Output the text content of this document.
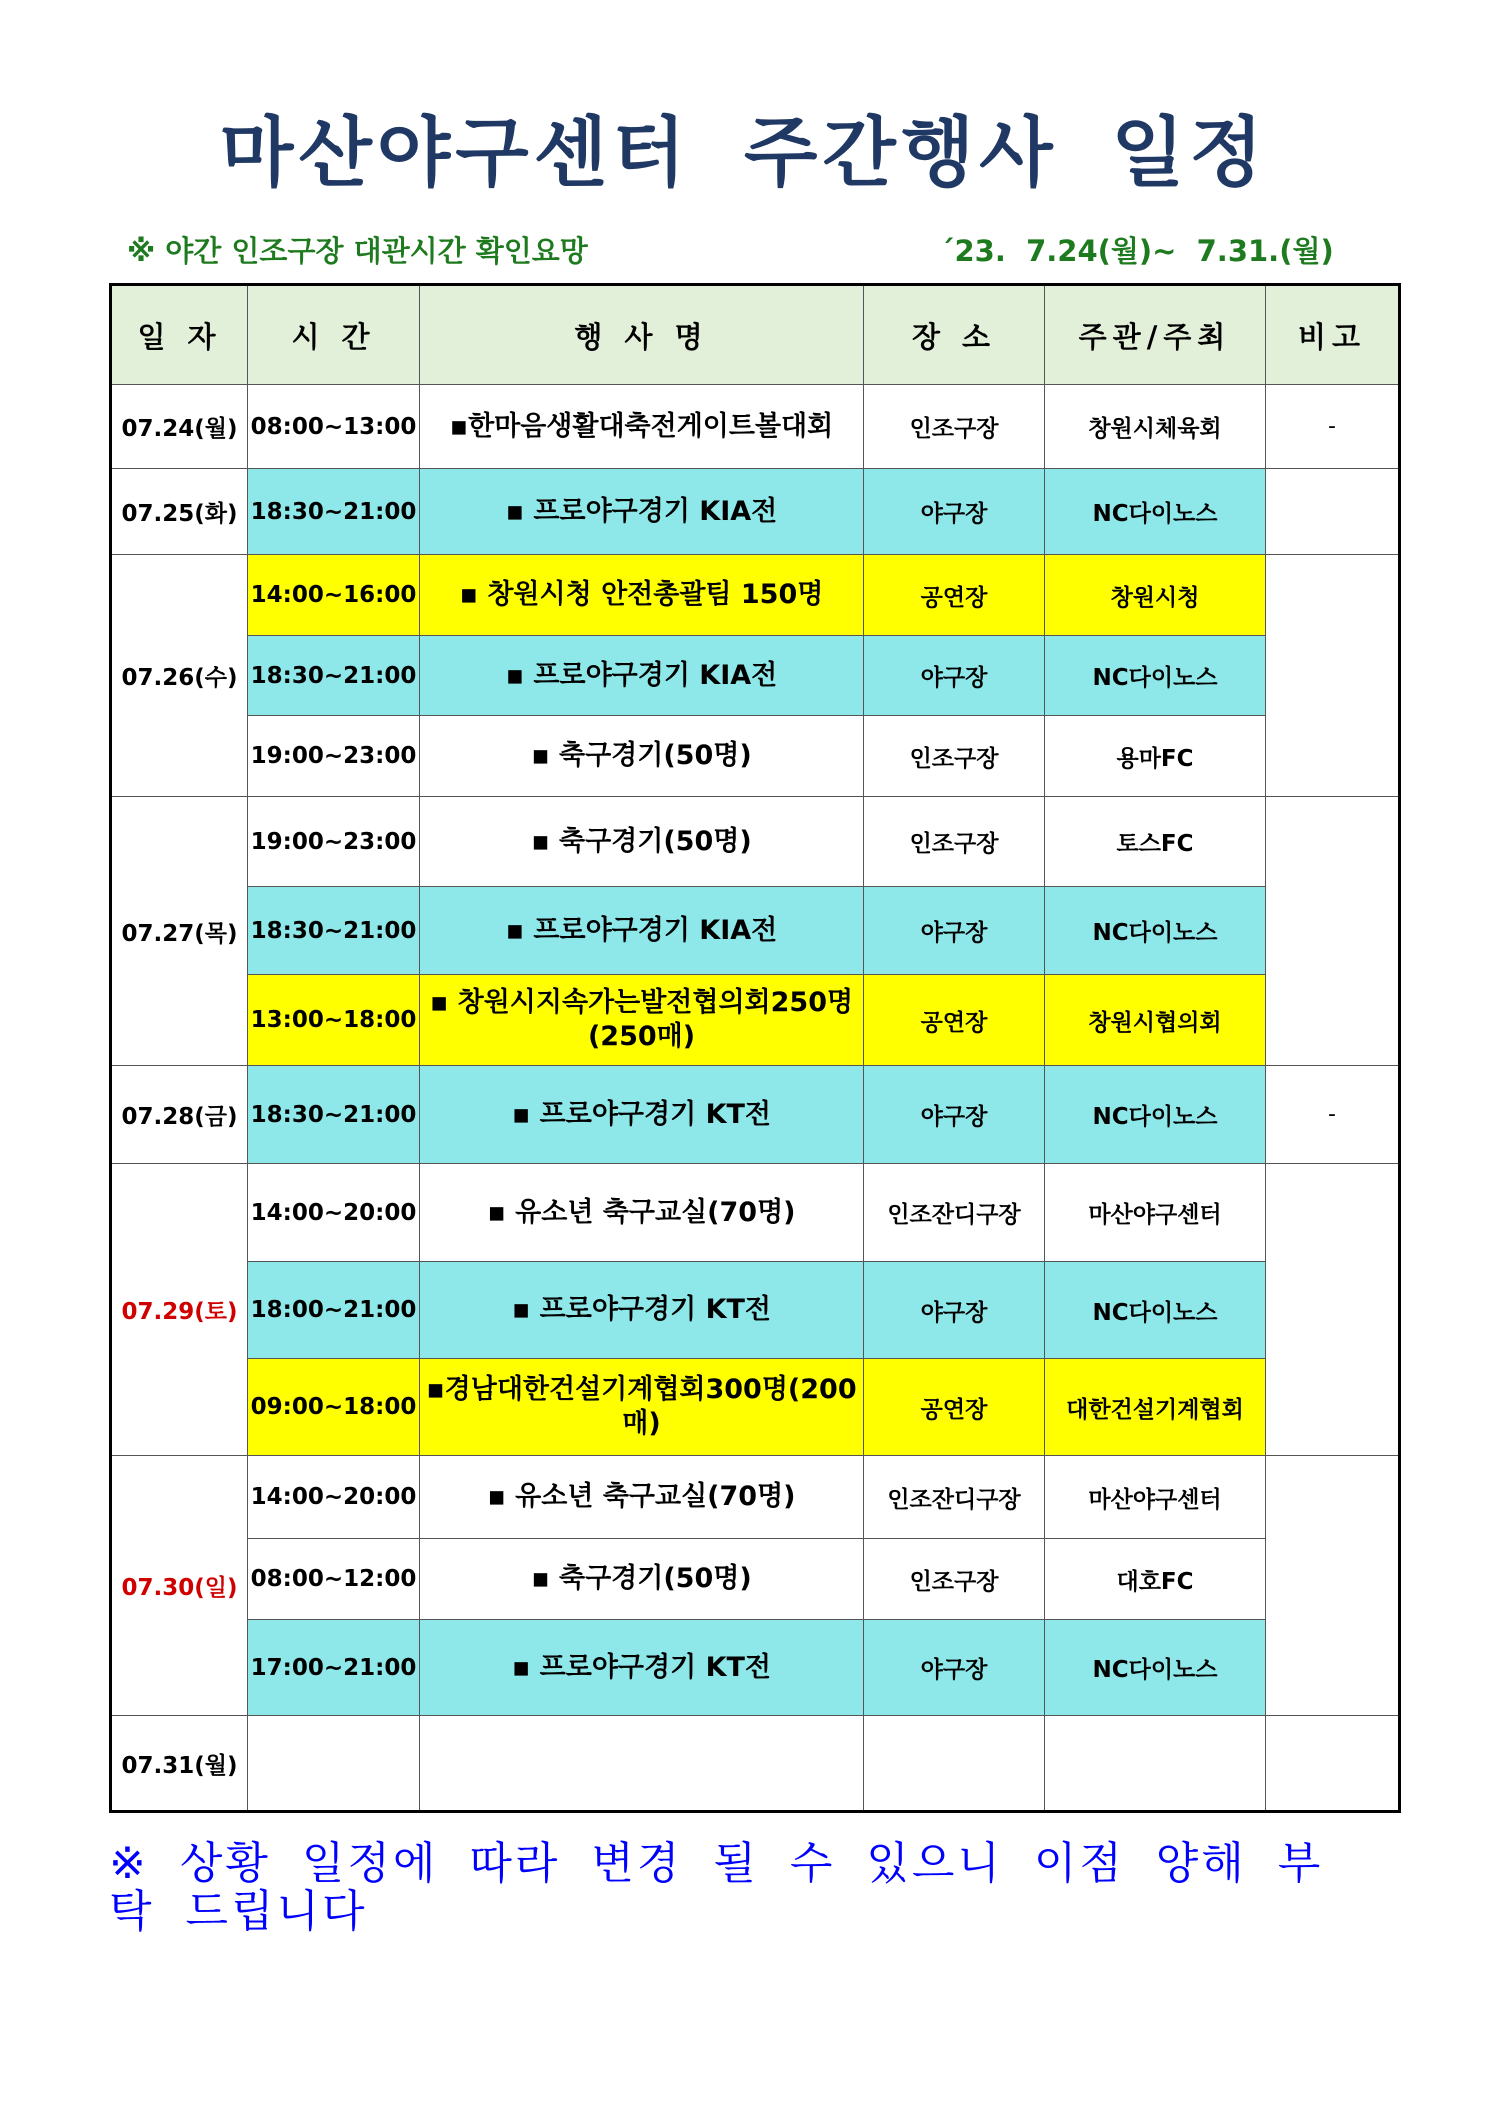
마산야구센터 주간행사 일정
※ 야간 인조구장 대관시간 확인요망	´23.  7.24(월)~  7.31.(월)
일 자	시 간	행 사 명	장 소	주관/주최	비고
07.24(월)	08:00~13:00	▪한마음생활대축전게이트볼대회	인조구장	창원시체육회	-
07.25(화)	18:30~21:00	▪ 프로야구경기 KIA전	야구장	NC다이노스	
07.26(수)	14:00~16:00	▪ 창원시청 안전총괄팀 150명	공연장	창원시청	
	18:30~21:00	▪ 프로야구경기 KIA전	야구장	NC다이노스	
	19:00~23:00	▪ 축구경기(50명)	인조구장	용마FC	
07.27(목)	19:00~23:00	▪ 축구경기(50명)	인조구장	토스FC	
	18:30~21:00	▪ 프로야구경기 KIA전	야구장	NC다이노스	
	13:00~18:00	▪ 창원시지속가는발전협의회250명 (250매)	공연장	창원시협의회	
07.28(금)	18:30~21:00	▪ 프로야구경기 KT전	야구장	NC다이노스	-
07.29(토)	14:00~20:00	▪ 유소년 축구교실(70명)	인조잔디구장	마산야구센터	
	18:00~21:00	▪ 프로야구경기 KT전	야구장	NC다이노스	
	09:00~18:00	▪경남대한건설기계협회300명(200매)	공연장	대한건설기계협회	
07.30(일)	14:00~20:00	▪ 유소년 축구교실(70명)	인조잔디구장	마산야구센터	
	08:00~12:00	▪ 축구경기(50명)	인조구장	대호FC	
	17:00~21:00	▪ 프로야구경기 KT전	야구장	NC다이노스	
07.31(월)					
※ 상황 일정에 따라 변경 될 수 있으니 이점 양해 부탁 드립니다
